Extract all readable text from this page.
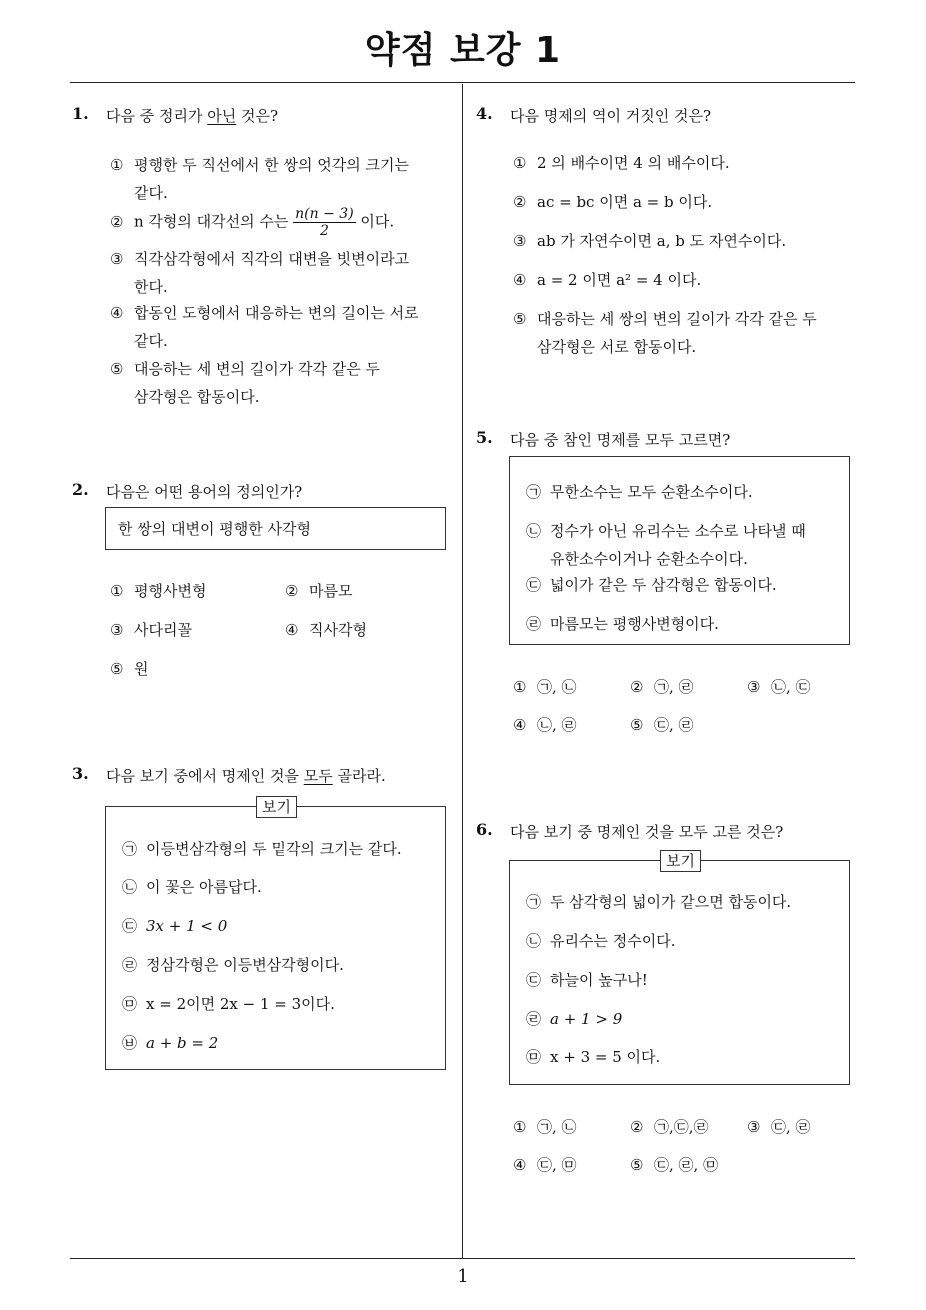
약점 보강 1
1
1. 다음 중 정리가 아닌 것은?
① 평행한 두 직선에서 한 쌍의 엇각의 크기는
같다.
② n 각형의 대각선의 수는 $\frac{n(n - 3)}{2}$ 이다.
③ 직각삼각형에서 직각의 대변을 빗변이라고
한다.
④ 합동인 도형에서 대응하는 변의 길이는 서로
같다.
⑤ 대응하는 세 변의 길이가 각각 같은 두
삼각형은 합동이다.
2. 다음은 어떤 용어의 정의인가?
한 쌍의 대변이 평행한 사각형
① 평행사변형	② 마름모
③ 사다리꼴	④ 직사각형
⑤ 원
3. 다음 보기 중에서 명제인 것을 모두 골라라.
보기
㉠ 이등변삼각형의 두 밑각의 크기는 같다.
㉡ 이 꽃은 아름답다.
㉢ 3x + 1 < 0
㉣ 정삼각형은 이등변삼각형이다.
㉤ x = 2이면 2x − 1 = 3이다.
㉥ a + b = 2
4. 다음 명제의 역이 거짓인 것은?
① 2 의 배수이면 4 의 배수이다.
② ac = bc 이면 a = b 이다.
③ ab 가 자연수이면 a, b 도 자연수이다.
④ a = 2 이면 a² = 4 이다.
⑤ 대응하는 세 쌍의 변의 길이가 각각 같은 두
삼각형은 서로 합동이다.
5. 다음 중 참인 명제를 모두 고르면?
㉠ 무한소수는 모두 순환소수이다.
㉡ 정수가 아닌 유리수는 소수로 나타낼 때
유한소수이거나 순환소수이다.
㉢ 넓이가 같은 두 삼각형은 합동이다.
㉣ 마름모는 평행사변형이다.
① ㉠, ㉡	② ㉠, ㉣	③ ㉡, ㉢
④ ㉡, ㉣	⑤ ㉢, ㉣
6. 다음 보기 중 명제인 것을 모두 고른 것은?
보기
㉠ 두 삼각형의 넓이가 같으면 합동이다.
㉡ 유리수는 정수이다.
㉢ 하늘이 높구나!
㉣ a + 1 > 9
㉤ x + 3 = 5 이다.
① ㉠, ㉡	② ㉠,㉢,㉣	③ ㉢, ㉣
④ ㉢, ㉤	⑤ ㉢, ㉣, ㉤
